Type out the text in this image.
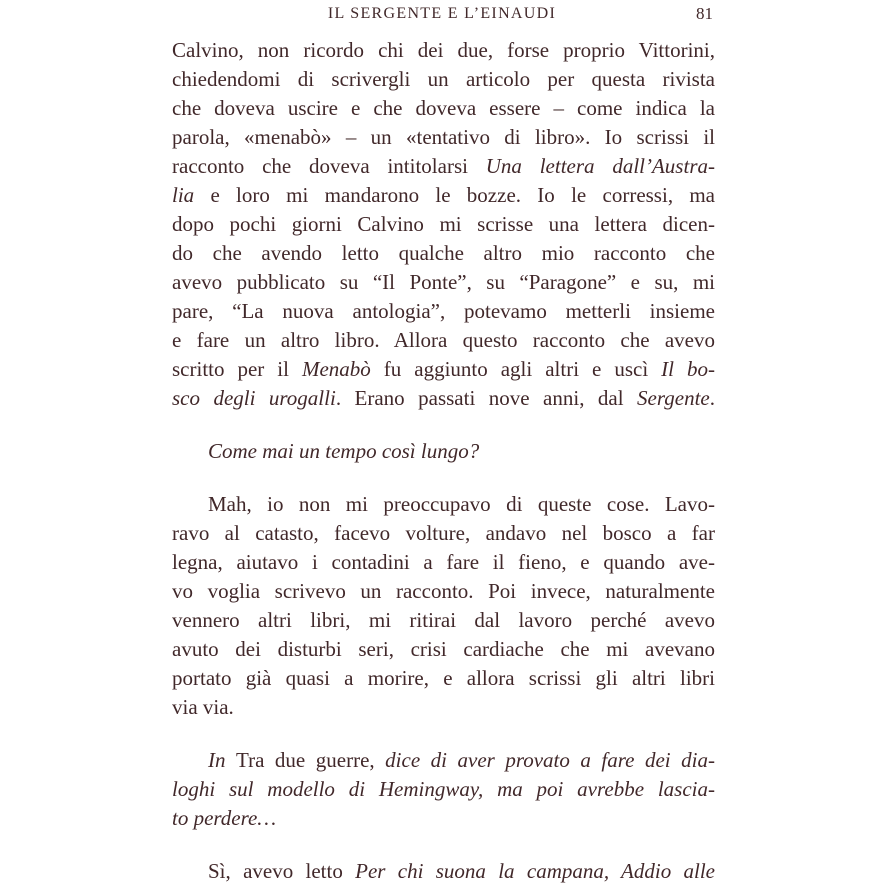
IL SERGENTE E L’EINAUDI	81

Calvino, non ricordo chi dei due, forse proprio Vittorini,
chiedendomi di scrivergli un articolo per questa rivista
che doveva uscire e che doveva essere – come indica la
parola, «menabò» – un «tentativo di libro». Io scrissi il
racconto che doveva intitolarsi Una lettera dall’Austra-
lia e loro mi mandarono le bozze. Io le corressi, ma
dopo pochi giorni Calvino mi scrisse una lettera dicen-
do che avendo letto qualche altro mio racconto che
avevo pubblicato su “Il Ponte”, su “Paragone” e su, mi
pare, “La nuova antologia”, potevamo metterli insieme
e fare un altro libro. Allora questo racconto che avevo
scritto per il Menabò fu aggiunto agli altri e uscì Il bo-
sco degli urogalli. Erano passati nove anni, dal Sergente.

Come mai un tempo così lungo?

Mah, io non mi preoccupavo di queste cose. Lavo-
ravo al catasto, facevo volture, andavo nel bosco a far
legna, aiutavo i contadini a fare il fieno, e quando ave-
vo voglia scrivevo un racconto. Poi invece, naturalmente
vennero altri libri, mi ritirai dal lavoro perché avevo
avuto dei disturbi seri, crisi cardiache che mi avevano
portato già quasi a morire, e allora scrissi gli altri libri
via via.

In Tra due guerre, dice di aver provato a fare dei dia-
loghi sul modello di Hemingway, ma poi avrebbe lascia-
to perdere…

Sì, avevo letto Per chi suona la campana, Addio alle
